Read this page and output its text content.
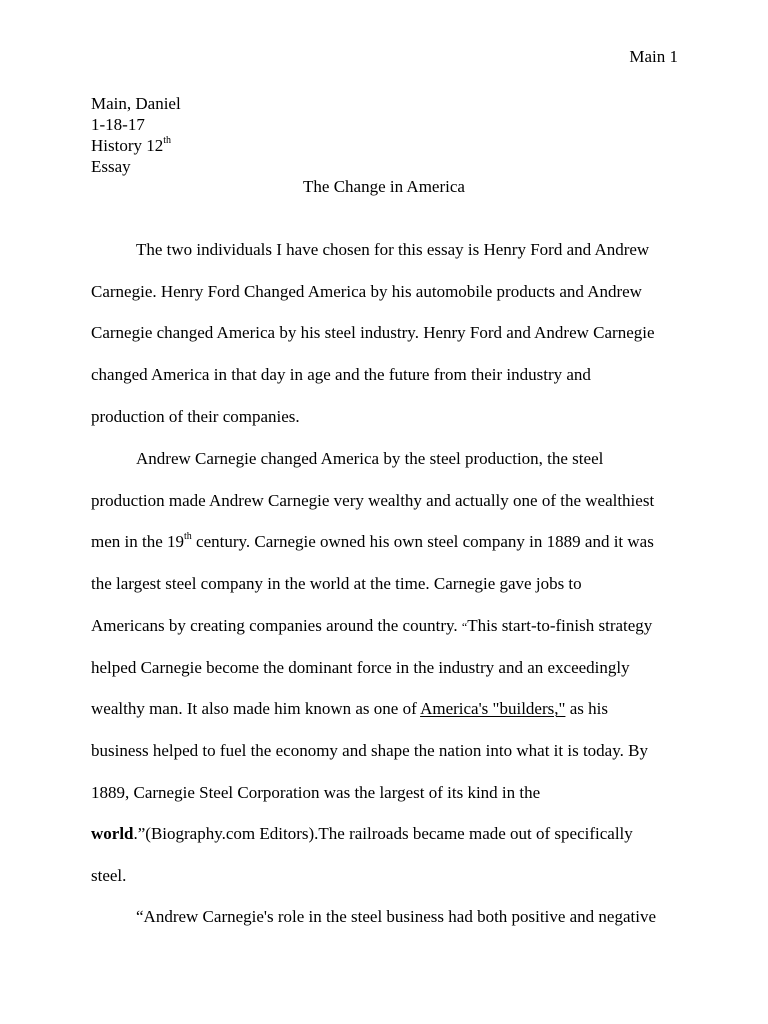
Main 1
Main, Daniel
1-18-17
History 12th
Essay
The Change in America
The two individuals I have chosen for this essay is Henry Ford and Andrew
Carnegie. Henry Ford Changed America by his automobile products and Andrew
Carnegie changed America by his steel industry. Henry Ford and Andrew Carnegie
changed America in that day in age and the future from their industry and
production of their companies.
Andrew Carnegie changed America by the steel production, the steel
production made Andrew Carnegie very wealthy and actually one of the wealthiest
men in the 19th century. Carnegie owned his own steel company in 1889 and it was
the largest steel company in the world at the time. Carnegie gave jobs to
Americans by creating companies around the country. “This start-to-finish strategy
helped Carnegie become the dominant force in the industry and an exceedingly
wealthy man. It also made him known as one of America's "builders," as his
business helped to fuel the economy and shape the nation into what it is today. By
1889, Carnegie Steel Corporation was the largest of its kind in the
world.”(Biography.com Editors).The railroads became made out of specifically
steel.
“Andrew Carnegie's role in the steel business had both positive and negative
